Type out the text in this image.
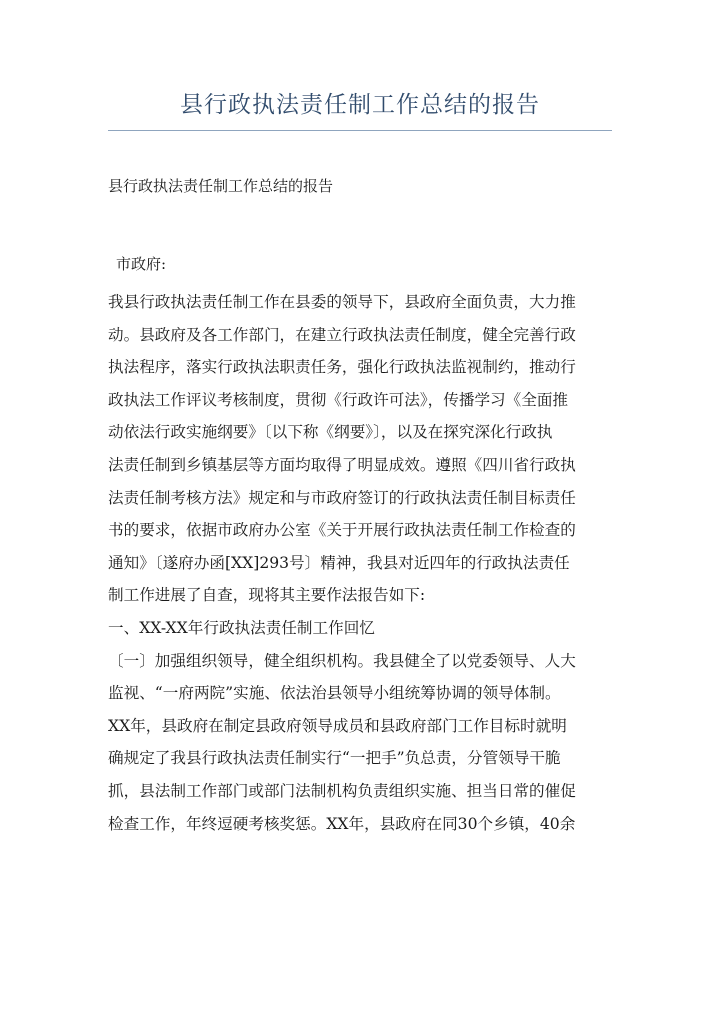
县行政执法责任制工作总结的报告
县行政执法责任制工作总结的报告
市政府:
我县行政执法责任制工作在县委的领导下，县政府全面负责，大力推
动。县政府及各工作部门，在建立行政执法责任制度，健全完善行政
执法程序，落实行政执法职责任务，强化行政执法监视制约，推动行
政执法工作评议考核制度，贯彻《行政许可法》，传播学习《全面推
动依法行政实施纲要》〔以下称《纲要》〕，以及在探究深化行政执
法责任制到乡镇基层等方面均取得了明显成效。遵照《四川省行政执
法责任制考核方法》规定和与市政府签订的行政执法责任制目标责任
书的要求，依据市政府办公室《关于开展行政执法责任制工作检查的
通知》〔遂府办函[XX]293号〕精神，我县对近四年的行政执法责任
制工作进展了自查，现将其主要作法报告如下:
一、XX-XX年行政执法责任制工作回忆
〔一〕加强组织领导，健全组织机构。我县健全了以党委领导、人大
监视、“一府两院”实施、依法治县领导小组统筹协调的领导体制。
XX年，县政府在制定县政府领导成员和县政府部门工作目标时就明
确规定了我县行政执法责任制实行“一把手”负总责，分管领导干脆
抓，县法制工作部门或部门法制机构负责组织实施、担当日常的催促
检查工作，年终逗硬考核奖惩。XX年，县政府在同30个乡镇，40余
